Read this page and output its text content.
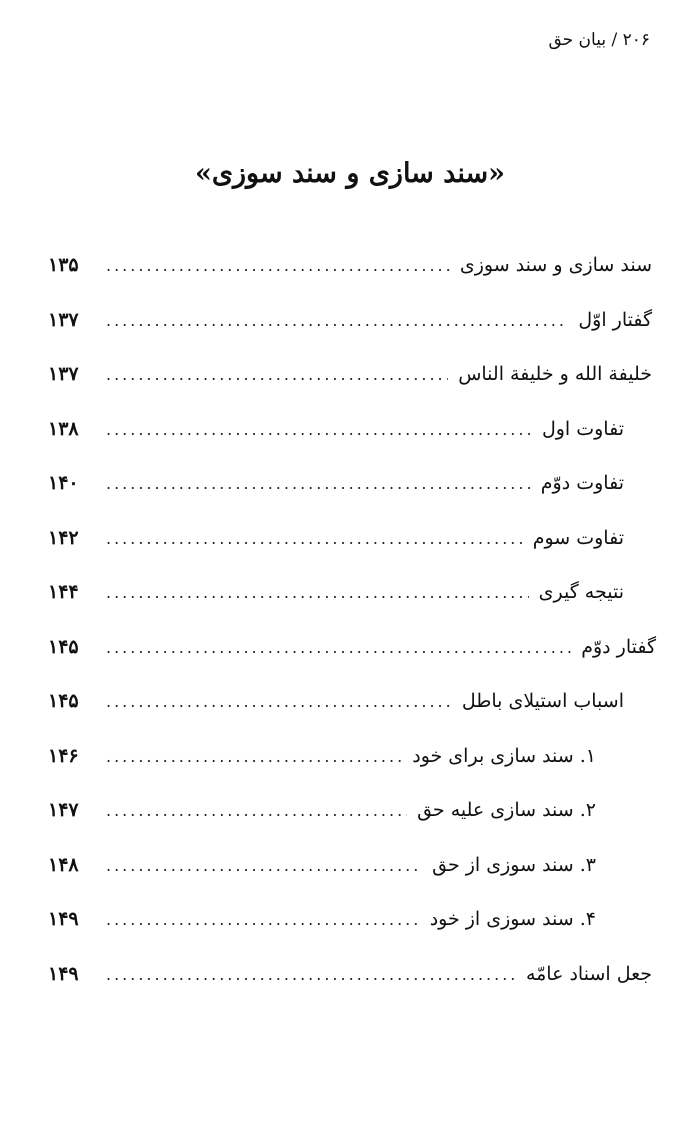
۲۰۶ / بیان حق
«سند سازی و سند سوزی»
سند سازی و سند سوزی
.....
۱۳۵
گفتار اوّل
.....
۱۳۷
خلیفة الله و خلیفة الناس
.....
۱۳۷
تفاوت اول
.....
۱۳۸
تفاوت دوّم
.....
۱۴۰
تفاوت سوم
.....
۱۴۲
نتیجه گیری
.....
۱۴۴
گفتار دوّم
.....
۱۴۵
اسباب استیلای باطل
.....
۱۴۵
۱. سند سازی برای خود
.....
۱۴۶
۲. سند سازی علیه حق
.....
۱۴۷
۳. سند سوزی از حق
.....
۱۴۸
۴. سند سوزی از خود
.....
۱۴۹
جعل اسناد عامّه
.....
۱۴۹
